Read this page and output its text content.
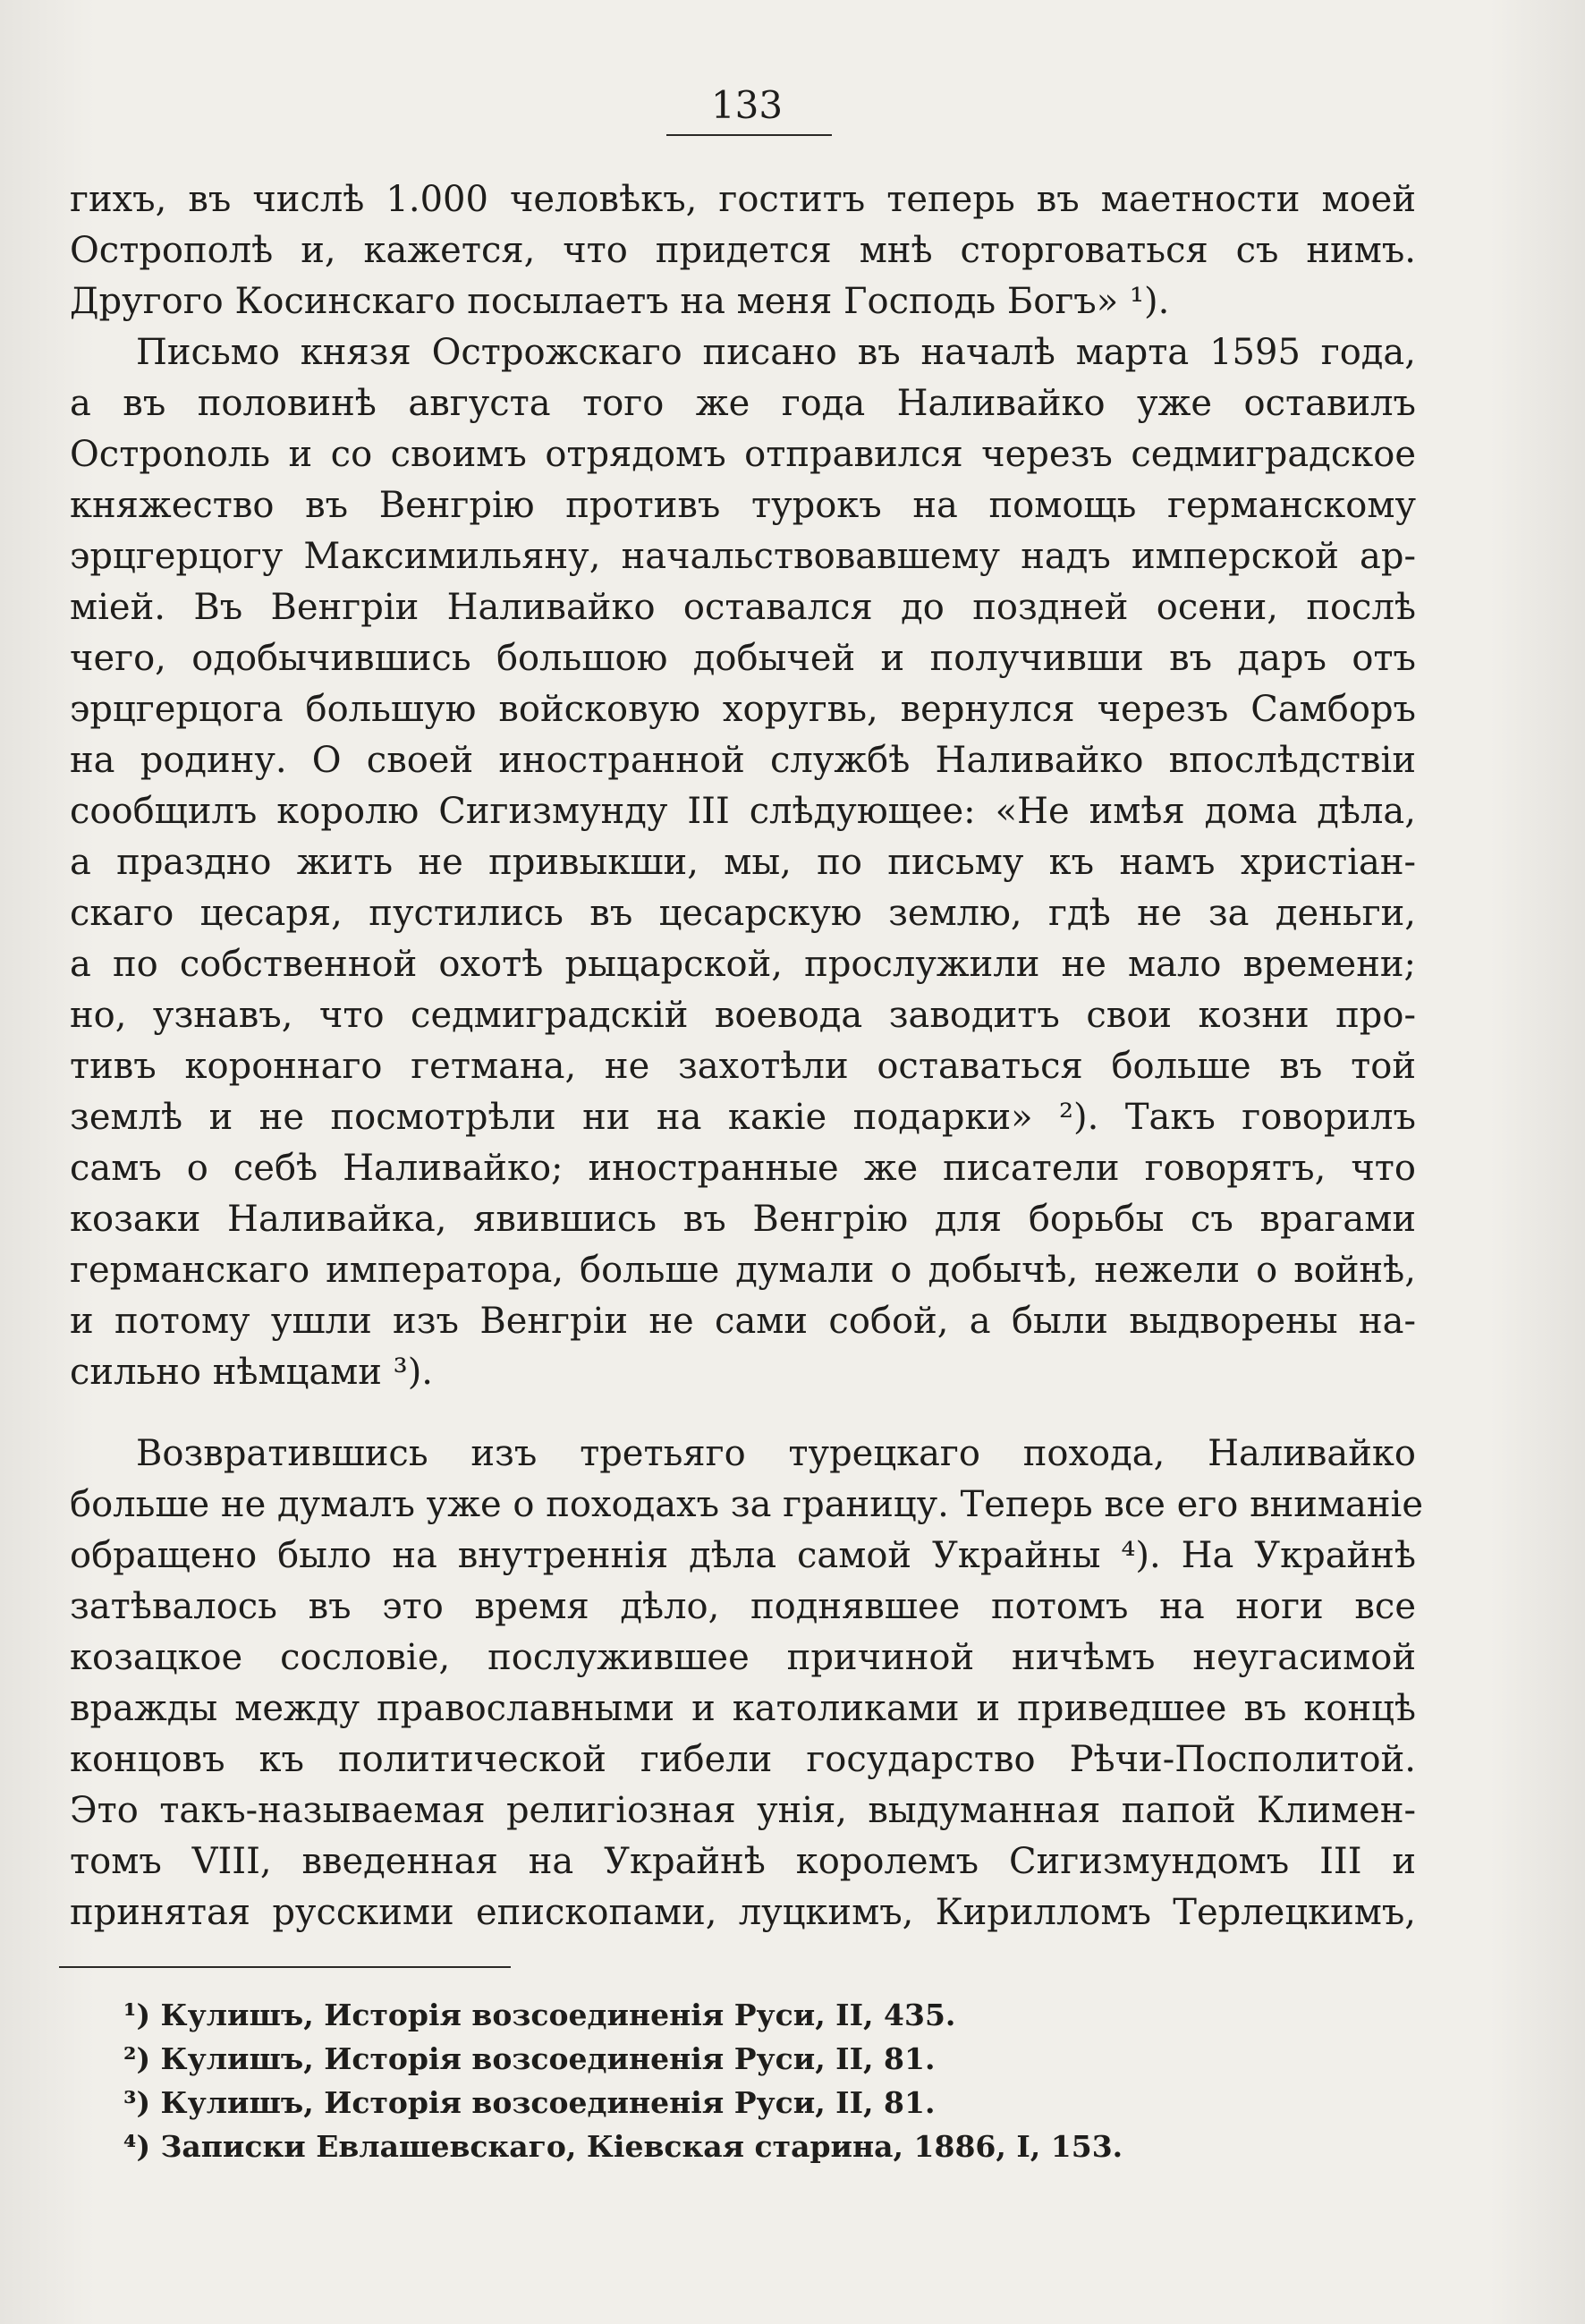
133
гихъ, въ числѣ 1.000 человѣкъ, гоститъ теперь въ маетности моей
Острополѣ и, кажется, что придется мнѣ сторговаться съ нимъ.
Другого Косинскаго посылаетъ на меня Господь Богъ» ¹).
Письмо князя Острожскаго писано въ началѣ марта 1595 года,
а въ половинѣ августа того же года Наливайко уже оставилъ
Остроnоль и со своимъ отрядомъ отправился черезъ седмиградское
княжество въ Венгрію противъ турокъ на помощь германскому
эрцгерцогу Максимильяну, начальствовавшему надъ имперской ар-
міей. Въ Венгріи Наливайко оставался до поздней осени, послѣ
чего, одобычившись большою добычей и получивши въ даръ отъ
эрцгерцога большую войсковую хоругвь, вернулся черезъ Самборъ
на родину. О своей иностранной службѣ Наливайко впослѣдствіи
сообщилъ королю Сигизмунду III слѣдующее: «Не имѣя дома дѣла,
а праздно жить не привыкши, мы, по письму къ намъ христіан-
скаго цесаря, пустились въ цесарскую землю, гдѣ не за деньги,
а по собственной охотѣ рыцарской, прослужили не мало времени;
но, узнавъ, что седмиградскій воевода заводитъ свои козни про-
тивъ короннаго гетмана, не захотѣли оставаться больше въ той
землѣ и не посмотрѣли ни на какіе подарки» ²). Такъ говорилъ
самъ о себѣ Наливайко; иностранные же писатели говорятъ, что
козаки Наливайка, явившись въ Венгрію для борьбы съ врагами
германскаго императора, больше думали о добычѣ, нежели о войнѣ,
и потому ушли изъ Венгріи не сами собой, а были выдворены на-
сильно нѣмцами ³).
Возвратившись изъ третьяго турецкаго похода, Наливайко
больше не думалъ уже о походахъ за границу. Теперь все его вниманіе
обращено было на внутреннія дѣла самой Украйны ⁴). На Украйнѣ
затѣвалось въ это время дѣло, поднявшее потомъ на ноги все
козацкое сословіе, послужившее причиной ничѣмъ неугасимой
вражды между православными и католиками и приведшее въ концѣ
концовъ къ политической гибели государство Рѣчи-Посполитой.
Это такъ-называемая религіозная унія, выдуманная папой Климен-
томъ VIII, введенная на Украйнѣ королемъ Сигизмундомъ III и
принятая русскими епископами, луцкимъ, Кирилломъ Терлецкимъ,
¹) Кулишъ, Исторія возсоединенія Руси, II, 435.
²) Кулишъ, Исторія возсоединенія Руси, II, 81.
³) Кулишъ, Исторія возсоединенія Руси, II, 81.
⁴) Записки Евлашевскаго, Кіевская старина, 1886, I, 153.
